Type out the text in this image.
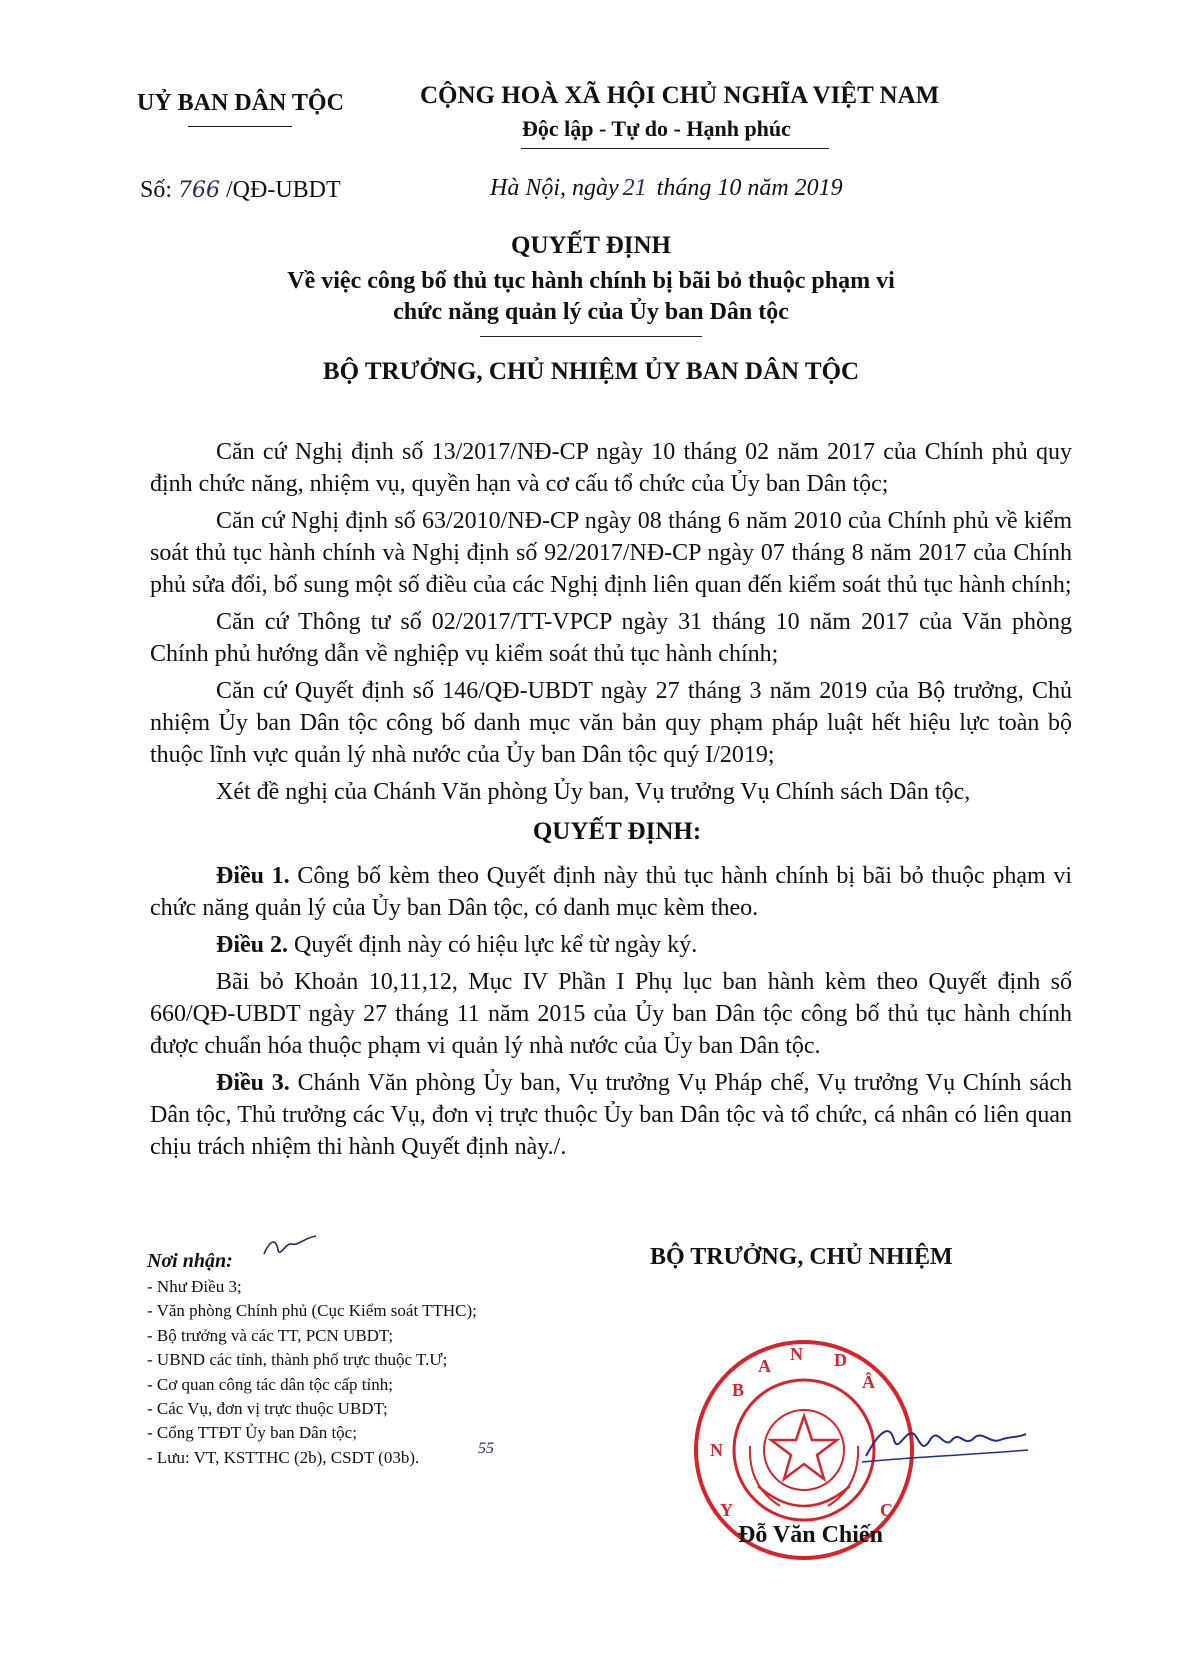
UỶ BAN DÂN TỘC	CỘNG HOÀ XÃ HỘI CHỦ NGHĨA VIỆT NAM
Độc lập - Tự do - Hạnh phúc
Số: 766 /QĐ-UBDT	Hà Nội, ngày 21 tháng 10 năm 2019
QUYẾT ĐỊNH
Về việc công bố thủ tục hành chính bị bãi bỏ thuộc phạm vi
chức năng quản lý của Ủy ban Dân tộc
BỘ TRƯỞNG, CHỦ NHIỆM ỦY BAN DÂN TỘC

Căn cứ Nghị định số 13/2017/NĐ-CP ngày 10 tháng 02 năm 2017 của Chính phủ quy định chức năng, nhiệm vụ, quyền hạn và cơ cấu tổ chức của Ủy ban Dân tộc;

Căn cứ Nghị định số 63/2010/NĐ-CP ngày 08 tháng 6 năm 2010 của Chính phủ về kiểm soát thủ tục hành chính và Nghị định số 92/2017/NĐ-CP ngày 07 tháng 8 năm 2017 của Chính phủ sửa đổi, bổ sung một số điều của các Nghị định liên quan đến kiểm soát thủ tục hành chính;

Căn cứ Thông tư số 02/2017/TT-VPCP ngày 31 tháng 10 năm 2017 của Văn phòng Chính phủ hướng dẫn về nghiệp vụ kiểm soát thủ tục hành chính;

Căn cứ Quyết định số 146/QĐ-UBDT ngày 27 tháng 3 năm 2019 của Bộ trưởng, Chủ nhiệm Ủy ban Dân tộc công bố danh mục văn bản quy phạm pháp luật hết hiệu lực toàn bộ thuộc lĩnh vực quản lý nhà nước của Ủy ban Dân tộc quý I/2019;

Xét đề nghị của Chánh Văn phòng Ủy ban, Vụ trưởng Vụ Chính sách Dân tộc,

QUYẾT ĐỊNH:

Điều 1. Công bố kèm theo Quyết định này thủ tục hành chính bị bãi bỏ thuộc phạm vi chức năng quản lý của Ủy ban Dân tộc, có danh mục kèm theo.

Điều 2. Quyết định này có hiệu lực kể từ ngày ký.

Bãi bỏ Khoản 10,11,12, Mục IV Phần I Phụ lục ban hành kèm theo Quyết định số 660/QĐ-UBDT ngày 27 tháng 11 năm 2015 của Ủy ban Dân tộc công bố thủ tục hành chính được chuẩn hóa thuộc phạm vi quản lý nhà nước của Ủy ban Dân tộc.

Điều 3. Chánh Văn phòng Ủy ban, Vụ trưởng Vụ Pháp chế, Vụ trưởng Vụ Chính sách Dân tộc, Thủ trưởng các Vụ, đơn vị trực thuộc Ủy ban Dân tộc và tổ chức, cá nhân có liên quan chịu trách nhiệm thi hành Quyết định này./.

Nơi nhận:
- Như Điều 3;
- Văn phòng Chính phủ (Cục Kiểm soát TTHC);
- Bộ trưởng và các TT, PCN UBDT;
- UBND các tỉnh, thành phố trực thuộc T.Ư;
- Cơ quan công tác dân tộc cấp tỉnh;
- Các Vụ, đơn vị trực thuộc UBDT;
- Cổng TTĐT Ủy ban Dân tộc;
- Lưu: VT, KSTTHC (2b), CSDT (03b).	55
BỘ TRƯỞNG, CHỦ NHIỆM
B
A
N D
Â
N
Y	C
Đỗ Văn Chiến
